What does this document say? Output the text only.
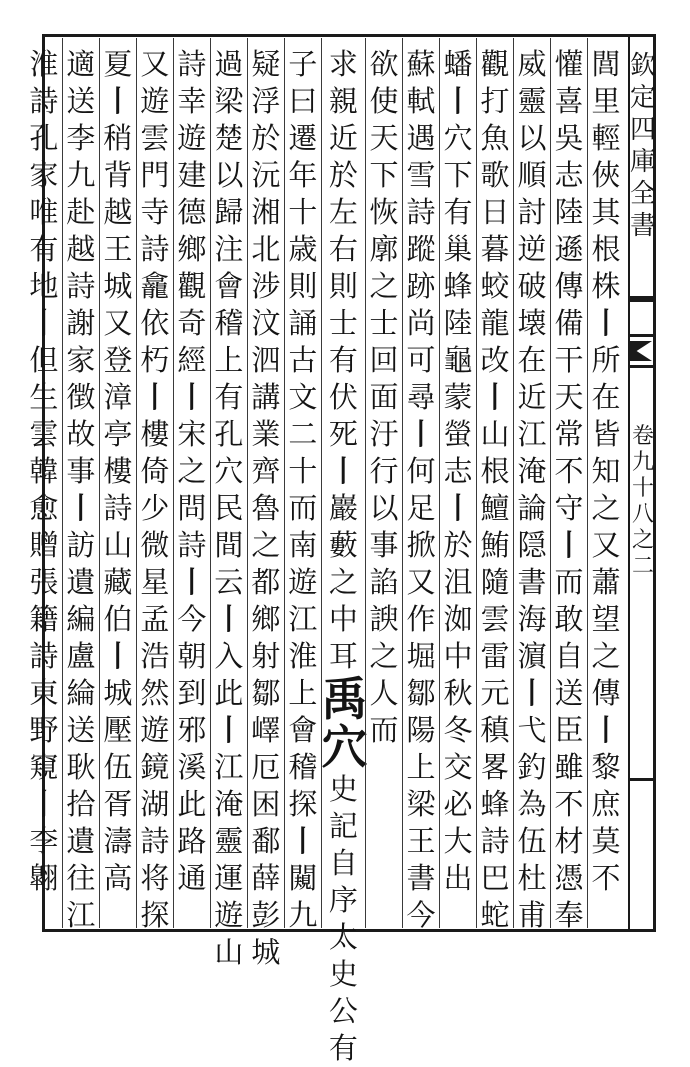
欽
定
四
庫
全
書
卷
九
十
八
之
二
閭
里
輕
俠
其
根
株
丨
所
在
皆
知
之
又
蕭
望
之
傳
丨
黎
庶
莫
不
懽
喜
吳
志
陸
遜
傳
備
干
天
常
不
守
丨
而
敢
自
送
臣
雖
不
材
憑
奉
威
靈
以
順
討
逆
破
壊
在
近
江
淹
論
隠
書
海
濵
丨
弋
釣
為
伍
杜
甫
觀
打
魚
歌
日
暮
蛟
龍
改
丨
山
根
鱣
鮪
隨
雲
雷
元
稹
畧
蜂
詩
巴
蛇
蟠
丨
穴
下
有
巢
蜂
陸
龜
蒙
螢
志
丨
於
沮
洳
中
秋
冬
交
必
大
出
蘇
軾
遇
雪
詩
蹤
跡
尚
可
尋
丨
何
足
掀
又
作
堀
鄒
陽
上
梁
王
書
今
欲
使
天
下
恢
廓
之
士
回
面
汙
行
以
事
諂
諛
之
人
而
求
親
近
於
左
右
則
士
有
伏
死
丨
巖
藪
之
中
耳
禹
穴
史
記
自
序
太
史
公
有
子
曰
遷
年
十
歳
則
誦
古
文
二
十
而
南
遊
江
淮
上
會
稽
探
丨
闚
九
疑
浮
於
沅
湘
北
涉
汶
泗
講
業
齊
魯
之
都
鄉
射
鄒
嶧
厄
困
鄱
薛
彭
城
過
梁
楚
以
歸
注
會
稽
上
有
孔
穴
民
間
云
丨
入
此
丨
江
淹
靈
運
遊
山
詩
幸
遊
建
德
鄉
觀
奇
經
丨
宋
之
問
詩
丨
今
朝
到
邪
溪
此
路
通
又
遊
雲
門
寺
詩
龕
依
朽
丨
樓
倚
少
微
星
孟
浩
然
遊
鏡
湖
詩
将
探
夏
丨
稍
背
越
王
城
又
登
漳
亭
樓
詩
山
藏
伯
丨
城
壓
伍
胥
濤
高
適
送
李
九
赴
越
詩
謝
家
徴
故
事
丨
訪
遺
編
盧
綸
送
耿
拾
遺
往
江
淮
詩
孔
家
唯
有
地
丨
但
生
雲
韓
愈
贈
張
籍
詩
東
野
窺
丨
李
翺
